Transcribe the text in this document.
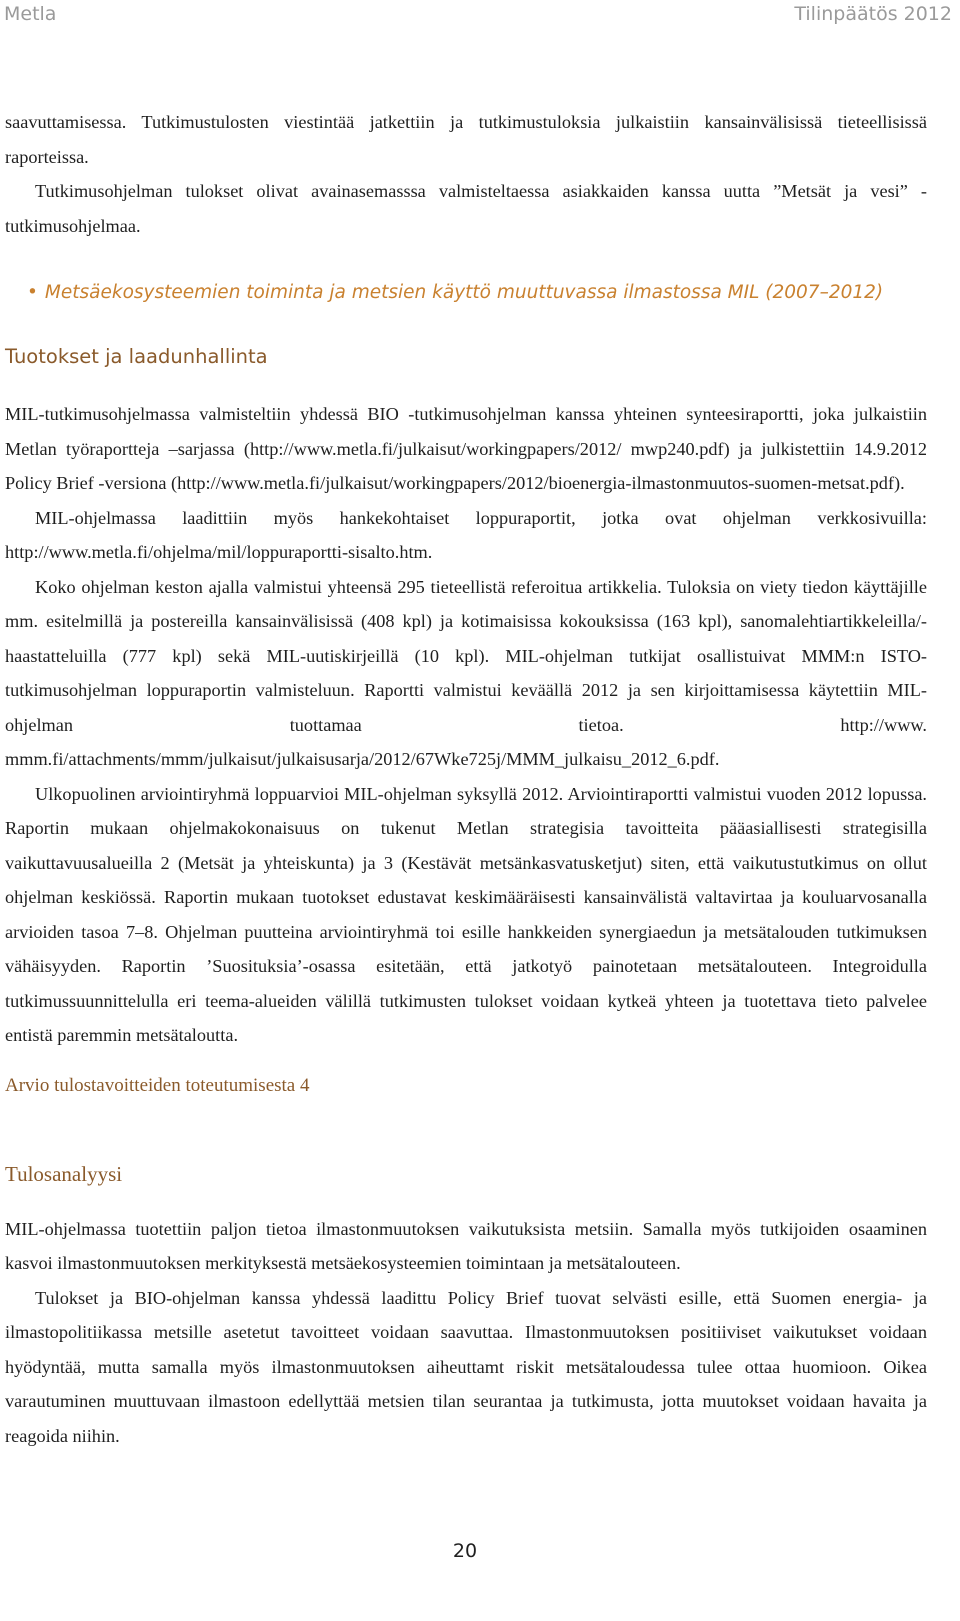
Metla	Tilinpäätös 2012

saavuttamisessa. Tutkimustulosten viestintää jatkettiin ja tutkimustuloksia julkaistiin kansainvälisissä tieteellisissä raporteissa.

Tutkimusohjelman tulokset olivat avainasemasssa valmisteltaessa asiakkaiden kanssa uutta ”Metsät ja vesi” -tutkimusohjelmaa.

• Metsäekosysteemien toiminta ja metsien käyttö muuttuvassa ilmastossa MIL (2007–2012)
Tuotokset ja laadunhallinta

MIL-tutkimusohjelmassa valmisteltiin yhdessä BIO -tutkimusohjelman kanssa yhteinen synteesiraportti, joka julkaistiin Metlan työraportteja –sarjassa (http://www.metla.fi/julkaisut/workingpapers/2012/ mwp240.pdf) ja julkistettiin 14.9.2012 Policy Brief -versiona (http://www.metla.fi/julkaisut/workingpapers/2012/bioenergia-ilmastonmuutos-suomen-metsat.pdf).

MIL-ohjelmassa laadittiin myös hankekohtaiset loppuraportit, jotka ovat ohjelman verkkosivuilla: http://www.metla.fi/ohjelma/mil/loppuraportti-sisalto.htm.

Koko ohjelman keston ajalla valmistui yhteensä 295 tieteellistä referoitua artikkelia. Tuloksia on viety tiedon käyttäjille mm. esitelmillä ja postereilla kansainvälisissä (408 kpl) ja kotimaisissa kokouksissa (163 kpl), sanomalehtiartikkeleilla/-haastatteluilla (777 kpl) sekä MIL-uutiskirjeillä (10 kpl). MIL-ohjelman tutkijat osallistuivat MMM:n ISTO-tutkimusohjelman loppuraportin valmisteluun. Raportti valmistui keväällä 2012 ja sen kirjoittamisessa käytettiin MIL-ohjelman tuottamaa tietoa. http://www. mmm.fi/attachments/mmm/julkaisut/julkaisusarja/2012/67Wke725j/MMM_julkaisu_2012_6.pdf.

Ulkopuolinen arviointiryhmä loppuarvioi MIL-ohjelman syksyllä 2012. Arviointiraportti valmistui vuoden 2012 lopussa. Raportin mukaan ohjelmakokonaisuus on tukenut Metlan strategisia tavoitteita pääasiallisesti strategisilla vaikuttavuusalueilla 2 (Metsät ja yhteiskunta) ja 3 (Kestävät metsänkasvatusketjut) siten, että vaikutustutkimus on ollut ohjelman keskiössä. Raportin mukaan tuotokset edustavat keskimääräisesti kansainvälistä valtavirtaa ja kouluarvosanalla arvioiden tasoa 7–8. Ohjelman puutteina arviointiryhmä toi esille hankkeiden synergiaedun ja metsätalouden tutkimuksen vähäisyyden. Raportin ’Suosituksia’-osassa esitetään, että jatkotyö painotetaan metsätalouteen. Integroidulla tutkimussuunnittelulla eri teema-alueiden välillä tutkimusten tulokset voidaan kytkeä yhteen ja tuotettava tieto palvelee entistä paremmin metsätaloutta.

Arvio tulostavoitteiden toteutumisesta 4
Tulosanalyysi

MIL-ohjelmassa tuotettiin paljon tietoa ilmastonmuutoksen vaikutuksista metsiin. Samalla myös tutkijoiden osaaminen kasvoi ilmastonmuutoksen merkityksestä metsäekosysteemien toimintaan ja metsätalouteen.

Tulokset ja BIO-ohjelman kanssa yhdessä laadittu Policy Brief tuovat selvästi esille, että Suomen energia- ja ilmastopolitiikassa metsille asetetut tavoitteet voidaan saavuttaa. Ilmastonmuutoksen positiiviset vaikutukset voidaan hyödyntää, mutta samalla myös ilmastonmuutoksen aiheuttamt riskit metsätaloudessa tulee ottaa huomioon. Oikea varautuminen muuttuvaan ilmastoon edellyttää metsien tilan seurantaa ja tutkimusta, jotta muutokset voidaan havaita ja reagoida niihin.

20
